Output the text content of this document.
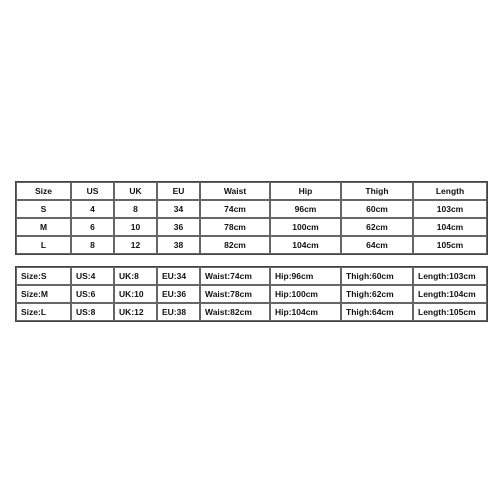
Size	US	UK	EU	Waist	Hip	Thigh	Length
S	4	8	34	74cm	96cm	60cm	103cm
M	6	10	36	78cm	100cm	62cm	104cm
L	8	12	38	82cm	104cm	64cm	105cm
Size:S	US:4	UK:8	EU:34	Waist:74cm	Hip:96cm	Thigh:60cm	Length:103cm
Size:M	US:6	UK:10	EU:36	Waist:78cm	Hip:100cm	Thigh:62cm	Length:104cm
Size:L	US:8	UK:12	EU:38	Waist:82cm	Hip:104cm	Thigh:64cm	Length:105cm
